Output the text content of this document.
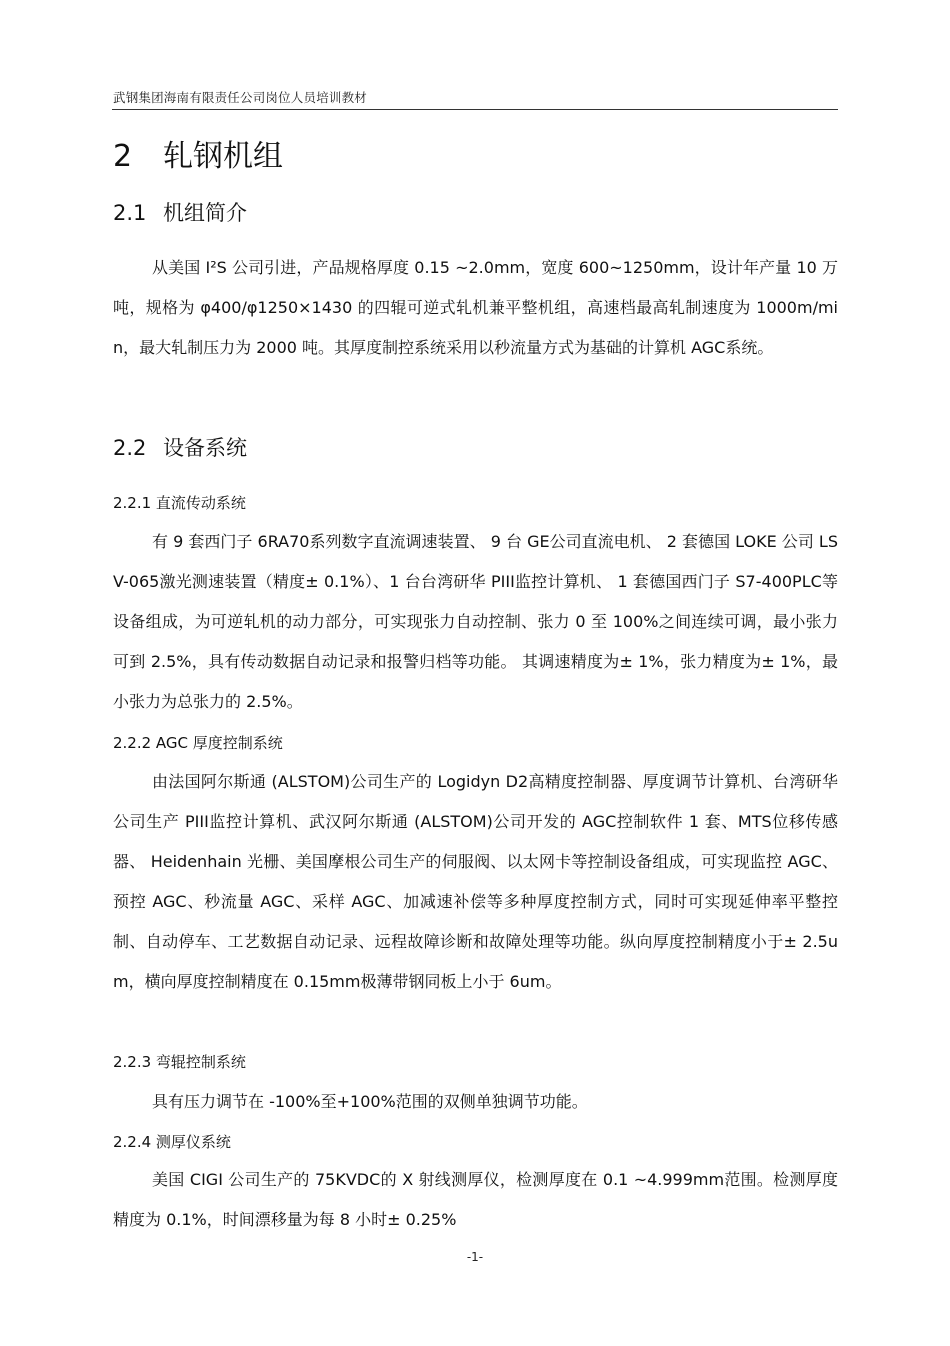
武钢集团海南有限责任公司岗位人员培训教材
2 轧钢机组
2.1 机组简介

从美国 I²S 公司引进，产品规格厚度 0.15 ~2.0mm，宽度 600~1250mm，设计年产量 10 万吨，规格为 φ400/φ1250×1430 的四辊可逆式轧机兼平整机组，高速档最高轧制速度为 1000m/min，最大轧制压力为 2000 吨。其厚度制控系统采用以秒流量方式为基础的计算机 AGC系统。

2.2 设备系统
2.2.1 直流传动系统

有 9 套西门子 6RA70系列数字直流调速装置、 9 台 GE公司直流电机、 2 套德国 LOKE 公司 LSV-065激光测速装置（精度± 0.1%）、1 台台湾研华 PIII监控计算机、 1 套德国西门子 S7-400PLC等设备组成，为可逆轧机的动力部分，可实现张力自动控制、张力 0 至 100%之间连续可调，最小张力可到 2.5%，具有传动数据自动记录和报警归档等功能。 其调速精度为± 1%，张力精度为± 1%，最小张力为总张力的 2.5%。

2.2.2 AGC 厚度控制系统

由法国阿尔斯通 (ALSTOM)公司生产的 Logidyn D2高精度控制器、厚度调节计算机、台湾研华公司生产 PIII监控计算机、武汉阿尔斯通 (ALSTOM)公司开发的 AGC控制软件 1 套、MTS位移传感器、 Heidenhain 光栅、美国摩根公司生产的伺服阀、以太网卡等控制设备组成，可实现监控 AGC、预控 AGC、秒流量 AGC、采样 AGC、加减速补偿等多种厚度控制方式，同时可实现延伸率平整控制、自动停车、工艺数据自动记录、远程故障诊断和故障处理等功能。纵向厚度控制精度小于± 2.5um，横向厚度控制精度在 0.15mm极薄带钢同板上小于 6um。

2.2.3 弯辊控制系统

具有压力调节在 -100%至+100%范围的双侧单独调节功能。

2.2.4 测厚仪系统

美国 CIGI 公司生产的 75KVDC的 X 射线测厚仪，检测厚度在 0.1 ~4.999mm范围。检测厚度精度为 0.1%，时间漂移量为每 8 小时± 0.25%

-1-
